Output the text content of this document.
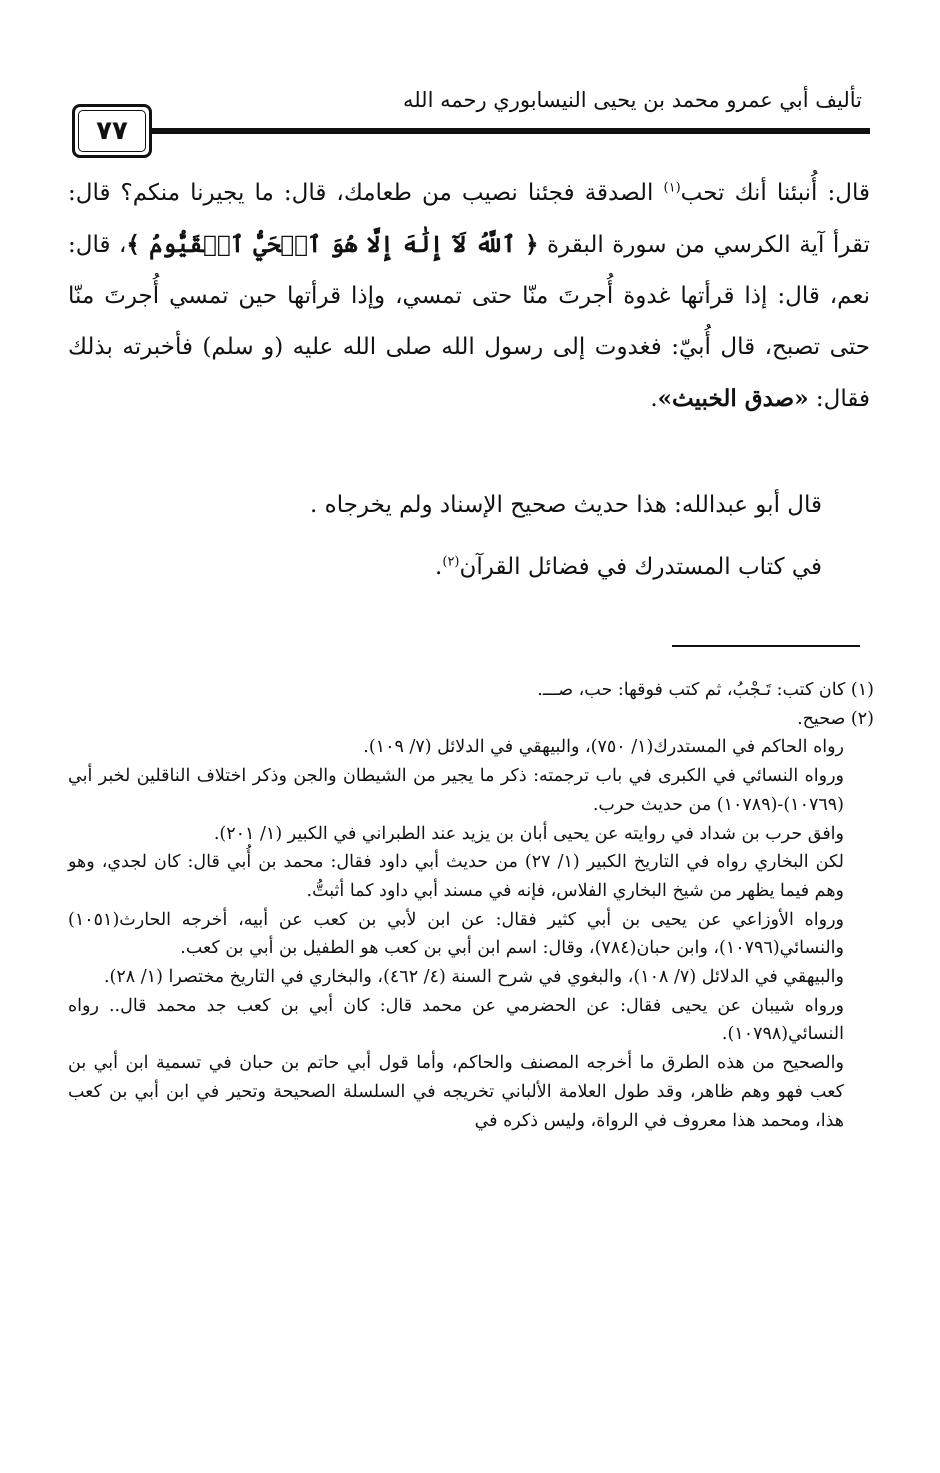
تأليف أبي عمرو محمد بن يحيى النيسابوري رحمه الله
٧٧

قال: أُنبئنا أنك تحب$^{(١)}$ الصدقة فجئنا نصيب من طعامك، قال: ما يجيرنا منكم؟ قال: تقرأ آية الكرسي من سورة البقرة ﴿ ٱللَّهُ لَآ إِلَٰهَ إِلَّا هُوَ ٱلۡحَيُّ ٱلۡقَيُّومُ ﴾، قال: نعم، قال: إذا قرأتها غدوة أُجرتَ منّا حتى تمسي، وإذا قرأتها حين تمسي أُجرتَ منّا حتى تصبح، قال أُبيّ: فغدوت إلى رسول الله صلى الله عليه (و سلم) فأخبرته بذلك فقال: «صدق الخبيث».

قال أبو عبدالله: هذا حديث صحيح الإسناد ولم يخرجاه .

في كتاب المستدرك في فضائل القرآن$^{(٢)}$.

(١) كان كتب: تَـجْبُ، ثم كتب فوقها: حب، صـــ.

(٢) صحيح.

رواه الحاكم في المستدرك(١/ ٧٥٠)، والبيهقي في الدلائل (٧/ ١٠٩).

ورواه النسائي في الكبرى في باب ترجمته: ذكر ما يجير من الشيطان والجن وذكر اختلاف الناقلين لخبر أبي (١٠٧٦٩)-(١٠٧٨٩) من حديث حرب.

وافق حرب بن شداد في روايته عن يحيى أبان بن يزيد عند الطبراني في الكبير (١/ ٢٠١).

لكن البخاري رواه في التاريخ الكبير (١/ ٢٧) من حديث أبي داود فقال: محمد بن أُبي قال: كان لجدي، وهو وهم فيما يظهر من شيخ البخاري الفلاس، فإنه في مسند أبي داود كما أثبتُّ.

ورواه الأوزاعي عن يحيى بن أبي كثير فقال: عن ابن لأبي بن كعب عن أبيه، أخرجه الحارث(١٠٥١) والنسائي(١٠٧٩٦)، وابن حبان(٧٨٤)، وقال: اسم ابن أبي بن كعب هو الطفيل بن أبي بن كعب.

والبيهقي في الدلائل (٧/ ١٠٨)، والبغوي في شرح السنة (٤/ ٤٦٢)، والبخاري في التاريخ مختصرا (١/ ٢٨).

ورواه شيبان عن يحيى فقال: عن الحضرمي عن محمد قال: كان أبي بن كعب جد محمد قال.. رواه النسائي(١٠٧٩٨).

والصحيح من هذه الطرق ما أخرجه المصنف والحاكم، وأما قول أبي حاتم بن حبان في تسمية ابن أبي بن كعب فهو وهم ظاهر، وقد طول العلامة الألباني تخريجه في السلسلة الصحيحة وتحير في ابن أبي بن كعب هذا، ومحمد هذا معروف في الرواة، وليس ذكره في
